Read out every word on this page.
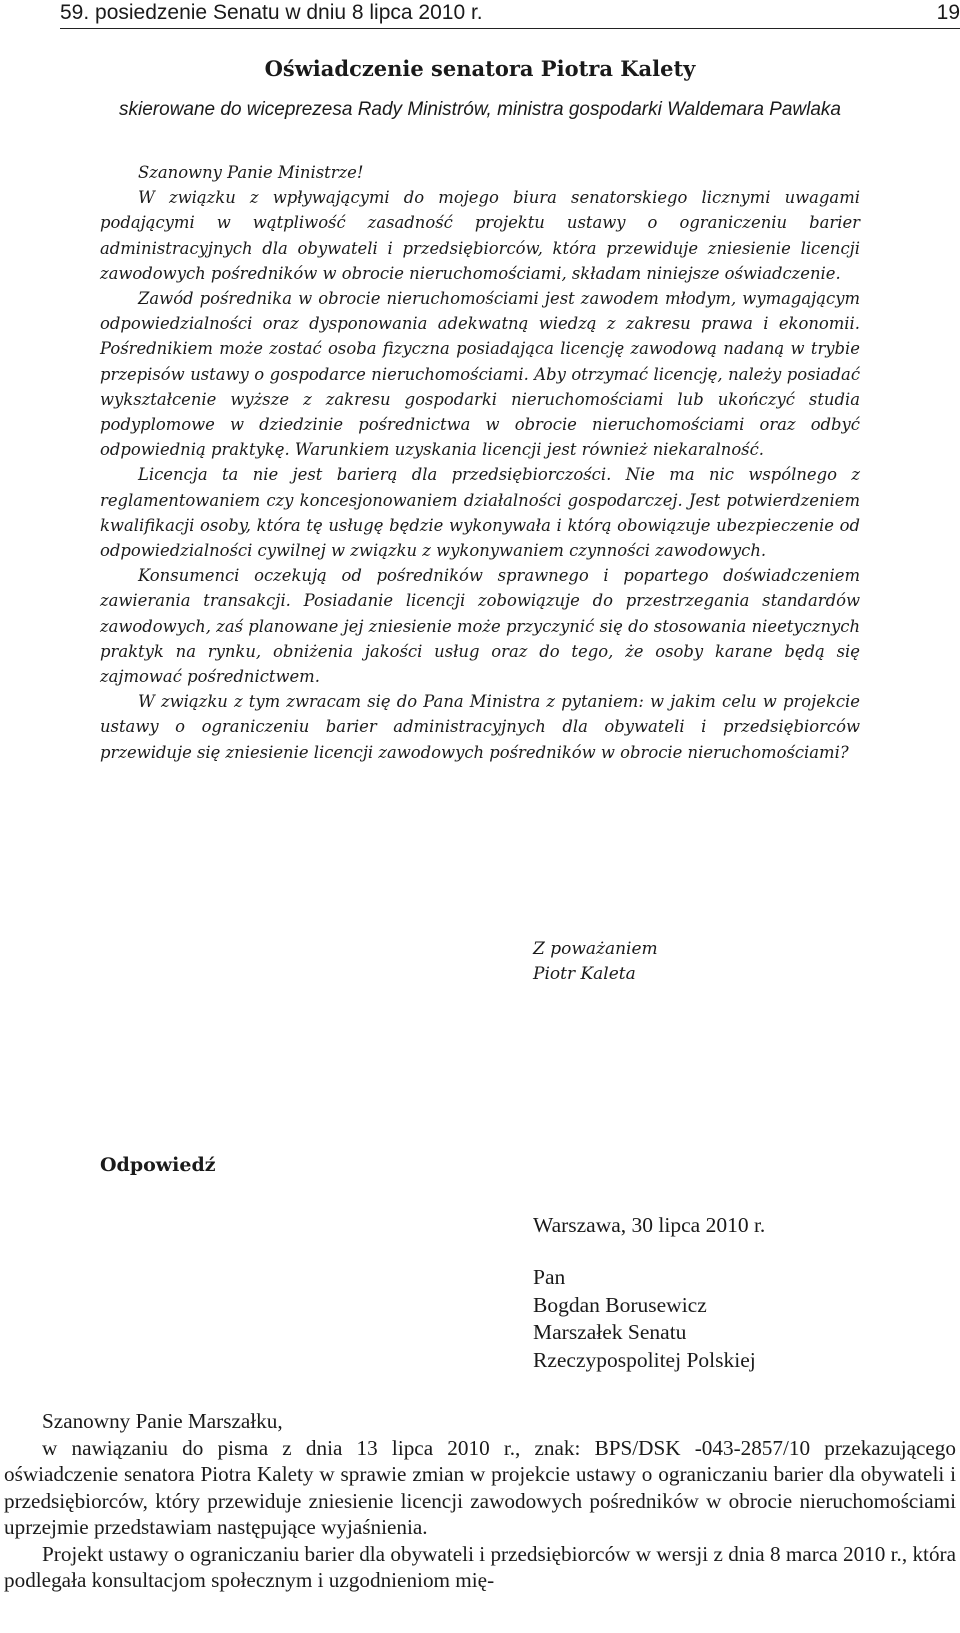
59. posiedzenie Senatu w dniu 8 lipca 2010 r.	19
Oświadczenie senatora Piotra Kalety
skierowane do wiceprezesa Rady Ministrów, ministra gospodarki Waldemara Pawlaka

Szanowny Panie Ministrze!

W związku z wpływającymi do mojego biura senatorskiego licznymi uwagami podającymi w wątpliwość zasadność projektu ustawy o ograniczeniu barier administracyjnych dla obywateli i przedsiębiorców, która przewiduje zniesienie licencji zawodowych pośredników w obrocie nieruchomościami, składam niniejsze oświadczenie.

Zawód pośrednika w obrocie nieruchomościami jest zawodem młodym, wymagającym odpowiedzialności oraz dysponowania adekwatną wiedzą z zakresu prawa i ekonomii. Pośrednikiem może zostać osoba fizyczna posiadająca licencję zawodową nadaną w trybie przepisów ustawy o gospodarce nieruchomościami. Aby otrzymać licencję, należy posiadać wykształcenie wyższe z zakresu gospodarki nieruchomościami lub ukończyć studia podyplomowe w dziedzinie pośrednictwa w obrocie nieruchomościami oraz odbyć odpowiednią praktykę. Warunkiem uzyskania licencji jest również niekaralność.

Licencja ta nie jest barierą dla przedsiębiorczości. Nie ma nic wspólnego z reglamentowaniem czy koncesjonowaniem działalności gospodarczej. Jest potwierdzeniem kwalifikacji osoby, która tę usługę będzie wykonywała i którą obowiązuje ubezpieczenie od odpowiedzialności cywilnej w związku z wykonywaniem czynności zawodowych.

Konsumenci oczekują od pośredników sprawnego i popartego doświadczeniem zawierania transakcji. Posiadanie licencji zobowiązuje do przestrzegania standardów zawodowych, zaś planowane jej zniesienie może przyczynić się do stosowania nieetycznych praktyk na rynku, obniżenia jakości usług oraz do tego, że osoby karane będą się zajmować pośrednictwem.

W związku z tym zwracam się do Pana Ministra z pytaniem: w jakim celu w projekcie ustawy o ograniczeniu barier administracyjnych dla obywateli i przedsiębiorców przewiduje się zniesienie licencji zawodowych pośredników w obrocie nieruchomościami?

Z poważaniem
Piotr Kaleta
Odpowiedź
Warszawa, 30 lipca 2010 r.
Pan
Bogdan Borusewicz
Marszałek Senatu
Rzeczypospolitej Polskiej

Szanowny Panie Marszałku,

w nawiązaniu do pisma z dnia 13 lipca 2010 r., znak: BPS/DSK -043-2857/10 przekazującego oświadczenie senatora Piotra Kalety w sprawie zmian w projekcie ustawy o ograniczaniu barier dla obywateli i przedsiębiorców, który przewiduje zniesienie licencji zawodowych pośredników w obrocie nieruchomościami uprzejmie przedstawiam następujące wyjaśnienia.

Projekt ustawy o ograniczaniu barier dla obywateli i przedsiębiorców w wersji z dnia 8 marca 2010 r., która podlegała konsultacjom społecznym i uzgodnieniom mię-
